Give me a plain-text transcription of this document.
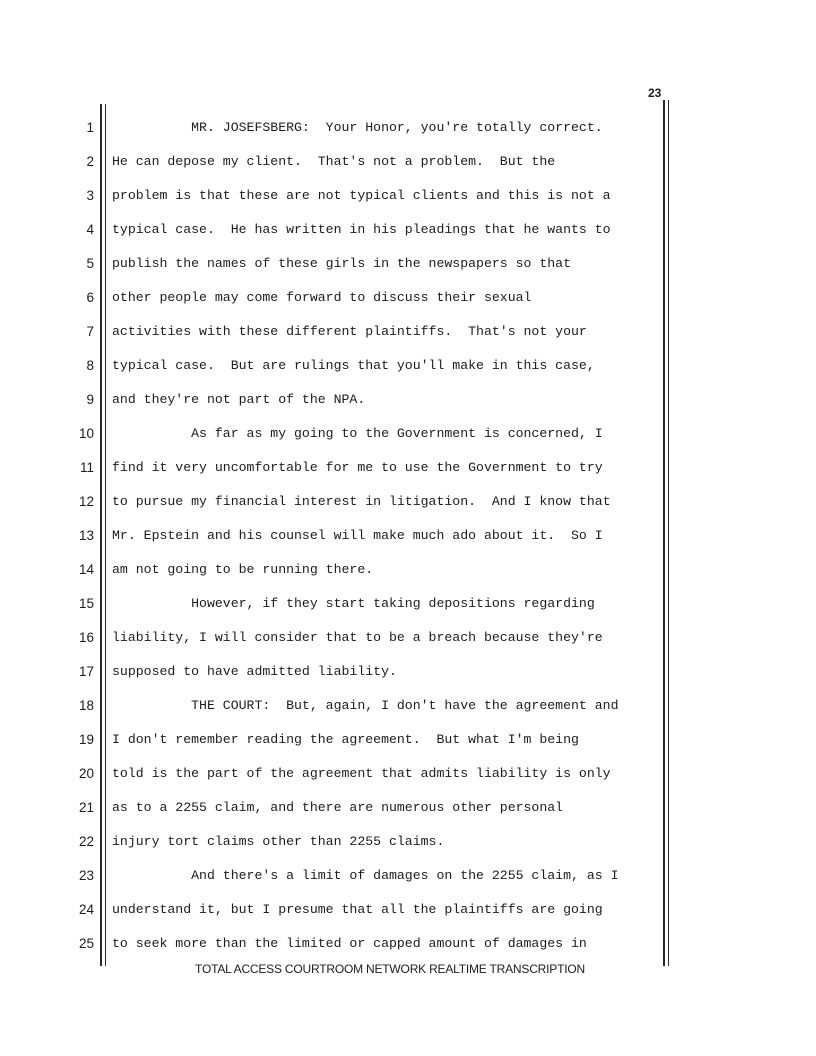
23
1 MR. JOSEFSBERG:  Your Honor, you're totally correct.
2 He can depose my client.  That's not a problem.  But the
3 problem is that these are not typical clients and this is not a
4 typical case.  He has written in his pleadings that he wants to
5 publish the names of these girls in the newspapers so that
6 other people may come forward to discuss their sexual
7 activities with these different plaintiffs.  That's not your
8 typical case.  But are rulings that you'll make in this case,
9 and they're not part of the NPA.
10 As far as my going to the Government is concerned, I
11 find it very uncomfortable for me to use the Government to try
12 to pursue my financial interest in litigation.  And I know that
13 Mr. Epstein and his counsel will make much ado about it.  So I
14 am not going to be running there.
15 However, if they start taking depositions regarding
16 liability, I will consider that to be a breach because they're
17 supposed to have admitted liability.
18 THE COURT:  But, again, I don't have the agreement and
19 I don't remember reading the agreement.  But what I'm being
20 told is the part of the agreement that admits liability is only
21 as to a 2255 claim, and there are numerous other personal
22 injury tort claims other than 2255 claims.
23 And there's a limit of damages on the 2255 claim, as I
24 understand it, but I presume that all the plaintiffs are going
25 to seek more than the limited or capped amount of damages in
TOTAL ACCESS COURTROOM NETWORK REALTIME TRANSCRIPTION
